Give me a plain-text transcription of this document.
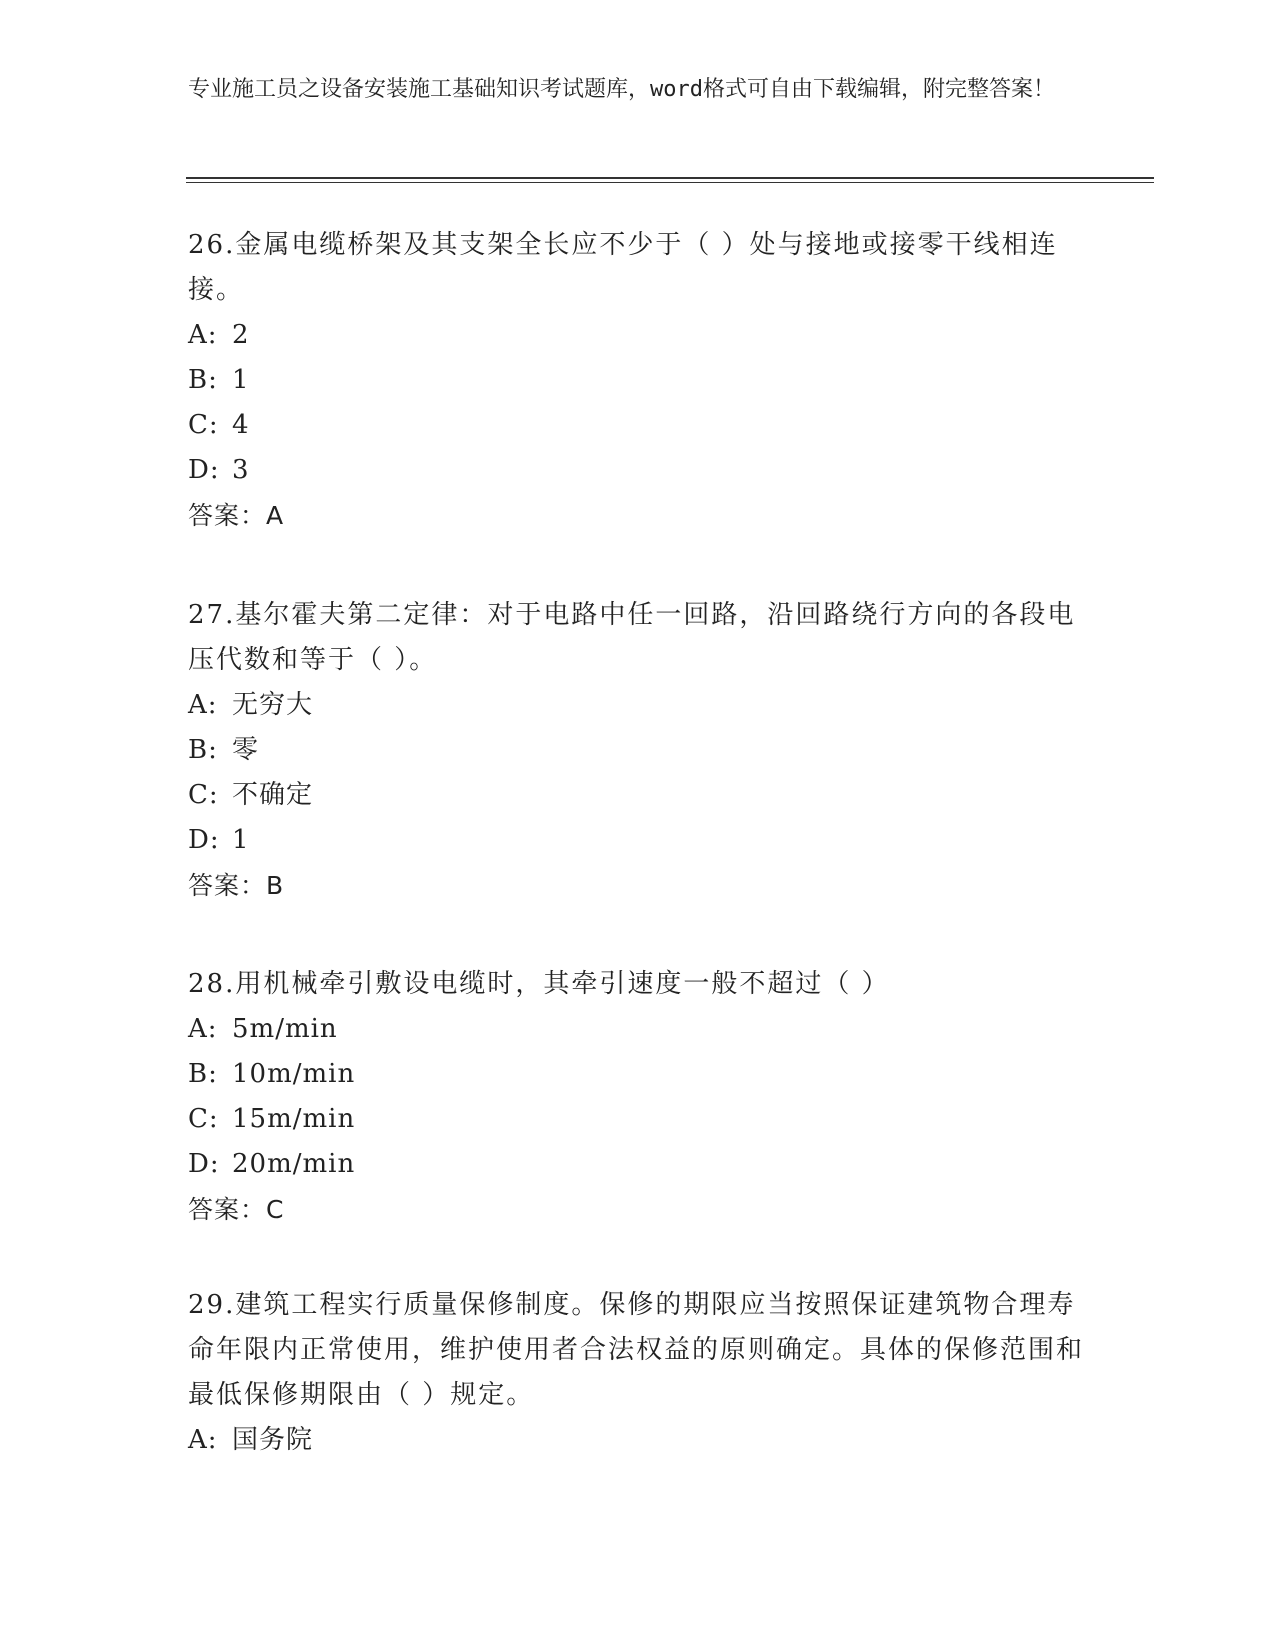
专业施工员之设备安装施工基础知识考试题库，word格式可自由下载编辑，附完整答案！

26.金属电缆桥架及其支架全长应不少于（ ）处与接地或接零干线相连接。

A: 2
B: 1
C: 4
D: 3
答案：A

27.基尔霍夫第二定律：对于电路中任一回路，沿回路绕行方向的各段电压代数和等于（ ）。

A: 无穷大
B: 零
C: 不确定
D: 1
答案：B

28.用机械牵引敷设电缆时，其牵引速度一般不超过（ ）

A: 5m/min
B: 10m/min
C: 15m/min
D: 20m/min
答案：C

29.建筑工程实行质量保修制度。保修的期限应当按照保证建筑物合理寿命年限内正常使用，维护使用者合法权益的原则确定。具体的保修范围和最低保修期限由（ ）规定。

A: 国务院
